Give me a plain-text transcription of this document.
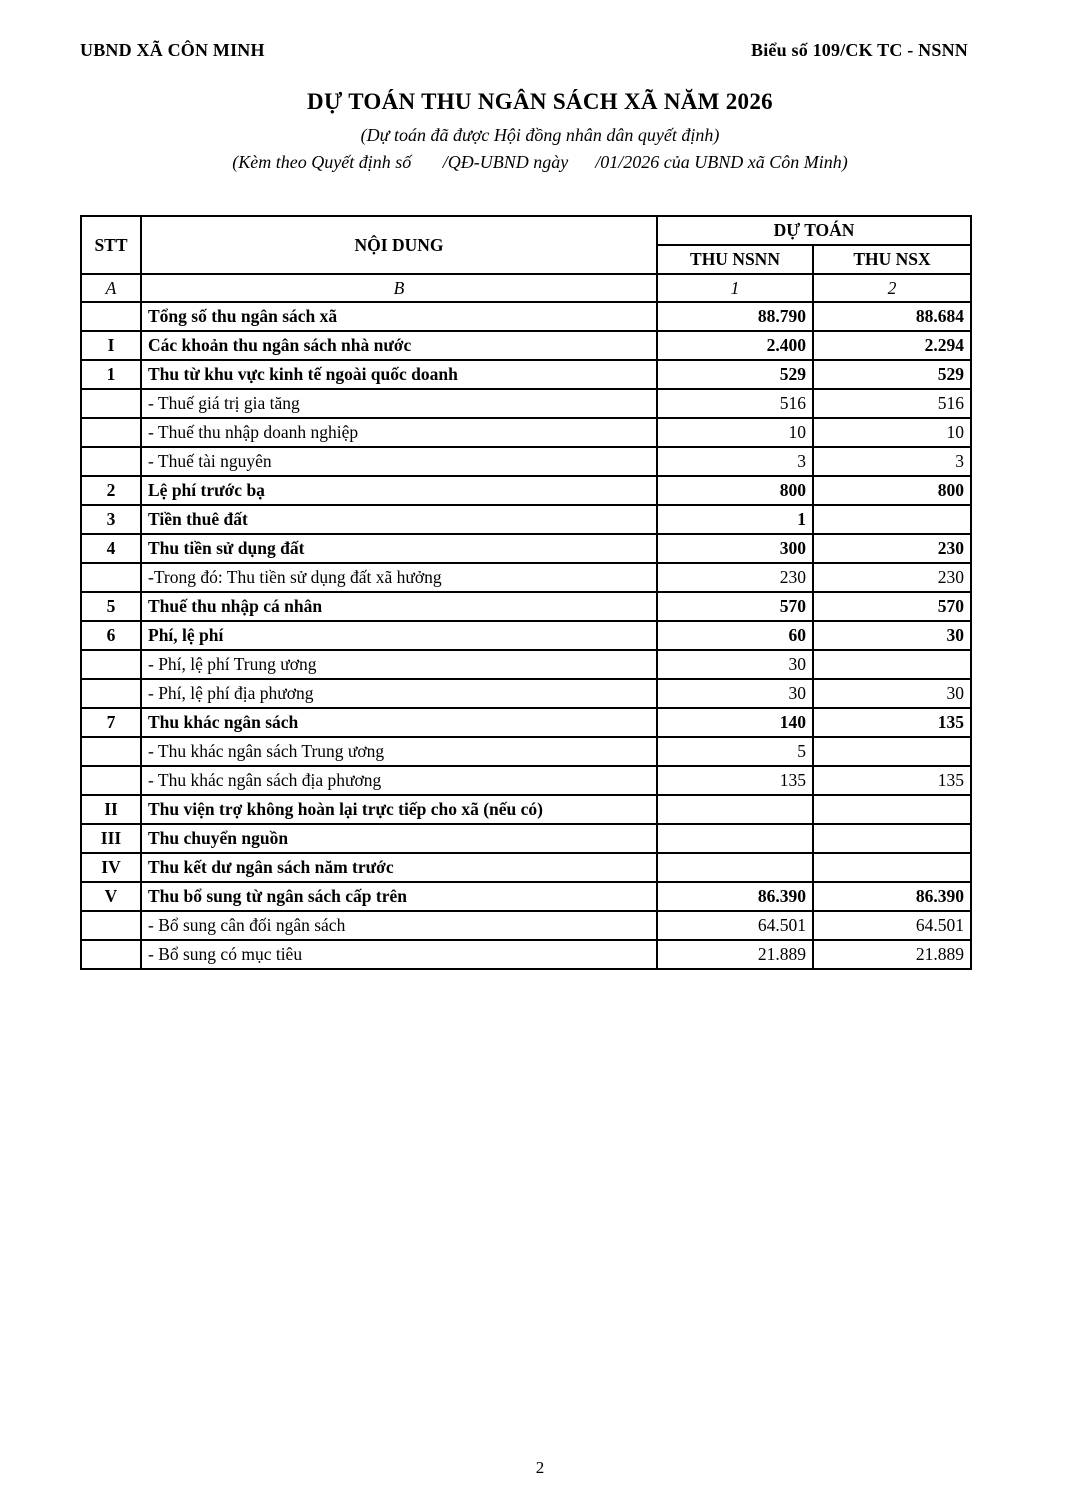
UBND XÃ CÔN MINH	Biểu số 109/CK TC - NSNN
DỰ TOÁN THU NGÂN SÁCH XÃ NĂM 2026
(Dự toán đã được Hội đồng nhân dân quyết định)
(Kèm theo Quyết định số       /QĐ-UBND ngày      /01/2026 của UBND xã Côn Minh)
STT	NỘI DUNG	DỰ TOÁN	
		THU NSNN	THU NSX
A	B	1	2
	Tổng số thu ngân sách xã	88.790	88.684
I	Các khoản thu ngân sách nhà nước	2.400	2.294
1	Thu từ khu vực kinh tế ngoài quốc doanh	529	529
	- Thuế giá trị gia tăng	516	516
	- Thuế thu nhập doanh nghiệp	10	10
	- Thuế tài nguyên	3	3
2	Lệ phí trước bạ	800	800
3	Tiền thuê đất	1	
4	Thu tiền sử dụng đất	300	230
	-Trong đó: Thu tiền sử dụng đất xã hưởng	230	230
5	Thuế thu nhập cá nhân	570	570
6	Phí, lệ phí	60	30
	- Phí, lệ phí Trung ương	30	
	- Phí, lệ phí địa phương	30	30
7	Thu khác ngân sách	140	135
	- Thu khác ngân sách Trung ương	5	
	- Thu khác ngân sách địa phương	135	135
II	Thu viện trợ không hoàn lại trực tiếp cho xã (nếu có)		
III	Thu chuyển nguồn		
IV	Thu kết dư ngân sách năm trước		
V	Thu bổ sung từ ngân sách cấp trên	86.390	86.390
	- Bổ sung cân đối ngân sách	64.501	64.501
	- Bổ sung có mục tiêu	21.889	21.889
2
